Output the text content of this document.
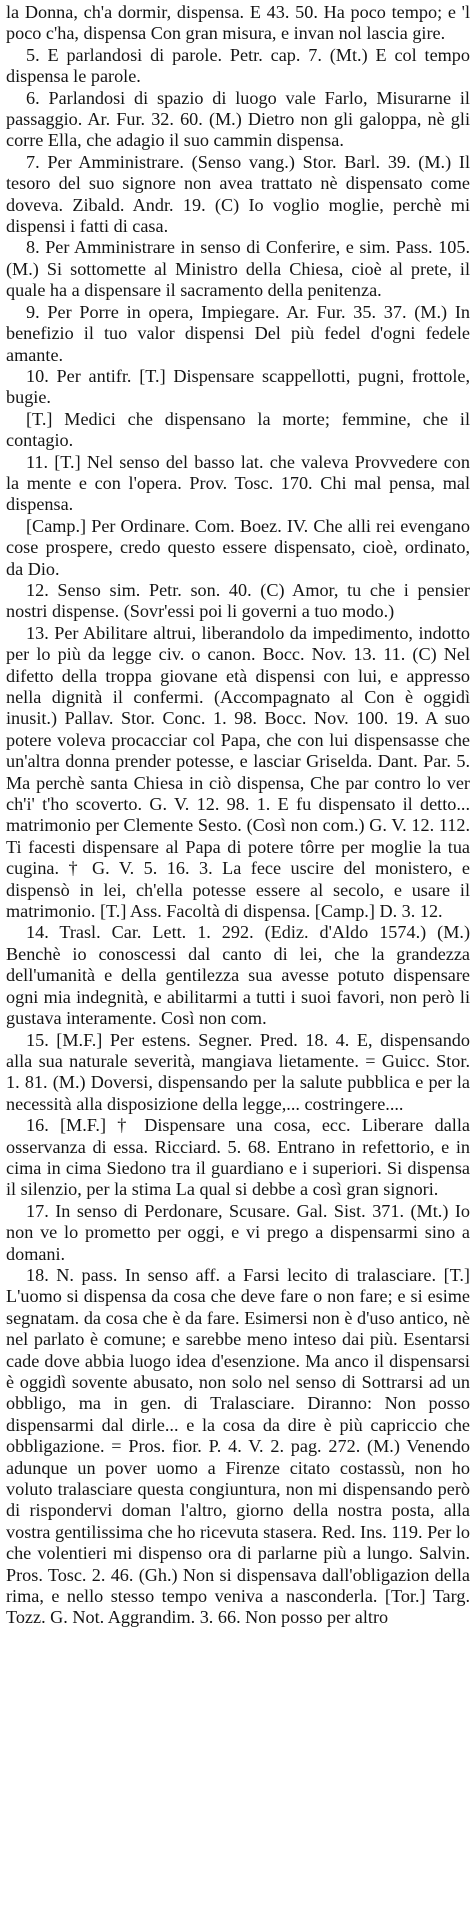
la Donna, ch'a dormir, dispensa. E 43. 50. Ha poco tempo; e 'l poco c'ha, dispensa Con gran misura, e invan nol lascia gire.

5. E parlandosi di parole. Petr. cap. 7. (Mt.) E col tempo dispensa le parole.

6. Parlandosi di spazio di luogo vale Farlo, Misurarne il passaggio. Ar. Fur. 32. 60. (M.) Dietro non gli galoppa, nè gli corre Ella, che adagio il suo cammin dispensa.

7. Per Amministrare. (Senso vang.) Stor. Barl. 39. (M.) Il tesoro del suo signore non avea trattato nè dispensato come doveva. Zibald. Andr. 19. (C) Io voglio moglie, perchè mi dispensi i fatti di casa.

8. Per Amministrare in senso di Conferire, e sim. Pass. 105. (M.) Si sottomette al Ministro della Chiesa, cioè al prete, il quale ha a dispensare il sacramento della penitenza.

9. Per Porre in opera, Impiegare. Ar. Fur. 35. 37. (M.) In benefizio il tuo valor dispensi Del più fedel d'ogni fedele amante.

10. Per antifr. [T.] Dispensare scappellotti, pugni, frottole, bugie.

[T.] Medici che dispensano la morte; femmine, che il contagio.

11. [T.] Nel senso del basso lat. che valeva Provvedere con la mente e con l'opera. Prov. Tosc. 170. Chi mal pensa, mal dispensa.

[Camp.] Per Ordinare. Com. Boez. IV. Che alli rei evengano cose prospere, credo questo essere dispensato, cioè, ordinato, da Dio.

12. Senso sim. Petr. son. 40. (C) Amor, tu che i pensier nostri dispense. (Sovr'essi poi li governi a tuo modo.)

13. Per Abilitare altrui, liberandolo da impedimento, indotto per lo più da legge civ. o canon. Bocc. Nov. 13. 11. (C) Nel difetto della troppa giovane età dispensi con lui, e appresso nella dignità il confermi. (Accompagnato al Con è oggidì inusit.) Pallav. Stor. Conc. 1. 98. Bocc. Nov. 100. 19. A suo potere voleva procacciar col Papa, che con lui dispensasse che un'altra donna prender potesse, e lasciar Griselda. Dant. Par. 5. Ma perchè santa Chiesa in ciò dispensa, Che par contro lo ver ch'i' t'ho scoverto. G. V. 12. 98. 1. E fu dispensato il detto... matrimonio per Clemente Sesto. (Così non com.) G. V. 12. 112. Ti facesti dispensare al Papa di potere tôrre per moglie la tua cugina. † G. V. 5. 16. 3. La fece uscire del monistero, e dispensò in lei, ch'ella potesse essere al secolo, e usare il matrimonio. [T.] Ass. Facoltà di dispensa. [Camp.] D. 3. 12.

14. Trasl. Car. Lett. 1. 292. (Ediz. d'Aldo 1574.) (M.) Benchè io conoscessi dal canto di lei, che la grandezza dell'umanità e della gentilezza sua avesse potuto dispensare ogni mia indegnità, e abilitarmi a tutti i suoi favori, non però li gustava interamente. Così non com.

15. [M.F.] Per estens. Segner. Pred. 18. 4. E, dispensando alla sua naturale severità, mangiava lietamente. = Guicc. Stor. 1. 81. (M.) Doversi, dispensando per la salute pubblica e per la necessità alla disposizione della legge,... costringere....

16. [M.F.] † Dispensare una cosa, ecc. Liberare dalla osservanza di essa. Ricciard. 5. 68. Entrano in refettorio, e in cima in cima Siedono tra il guardiano e i superiori. Si dispensa il silenzio, per la stima La qual si debbe a così gran signori.

17. In senso di Perdonare, Scusare. Gal. Sist. 371. (Mt.) Io non ve lo prometto per oggi, e vi prego a dispensarmi sino a domani.

18. N. pass. In senso aff. a Farsi lecito di tralasciare. [T.] L'uomo si dispensa da cosa che deve fare o non fare; e si esime segnatam. da cosa che è da fare. Esimersi non è d'uso antico, nè nel parlato è comune; e sarebbe meno inteso dai più. Esentarsi cade dove abbia luogo idea d'esenzione. Ma anco il dispensarsi è oggidì sovente abusato, non solo nel senso di Sottrarsi ad un obbligo, ma in gen. di Tralasciare. Diranno: Non posso dispensarmi dal dirle... e la cosa da dire è più capriccio che obbligazione. = Pros. fior. P. 4. V. 2. pag. 272. (M.) Venendo adunque un pover uomo a Firenze citato costassù, non ho voluto tralasciare questa congiuntura, non mi dispensando però di rispondervi doman l'altro, giorno della nostra posta, alla vostra gentilissima che ho ricevuta stasera. Red. Ins. 119. Per lo che volentieri mi dispenso ora di parlarne più a lungo. Salvin. Pros. Tosc. 2. 46. (Gh.) Non si dispensava dall'obligazion della rima, e nello stesso tempo veniva a nasconderla. [Tor.] Targ. Tozz. G. Not. Aggrandim. 3. 66. Non posso per altro
